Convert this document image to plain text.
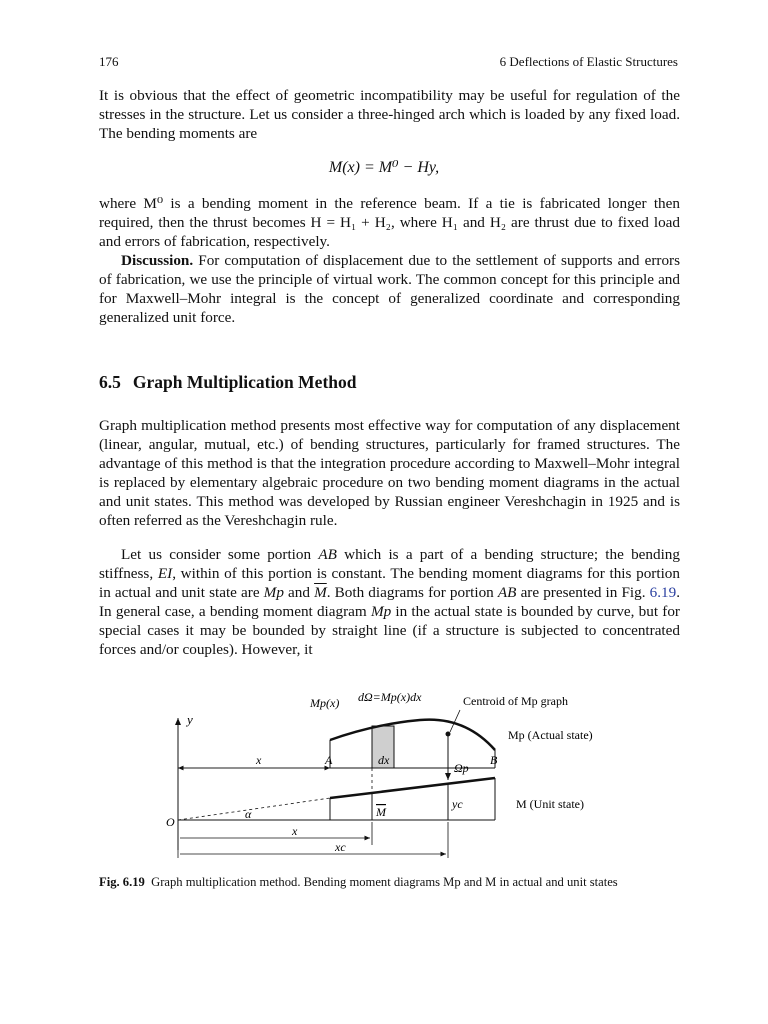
176	6 Deflections of Elastic Structures

It is obvious that the effect of geometric incompatibility may be useful for regulation of the stresses in the structure. Let us consider a three-hinged arch which is loaded by any fixed load. The bending moments are

M(x) = M⁰ − Hy,

where M⁰ is a bending moment in the reference beam. If a tie is fabricated longer then required, then the thrust becomes H = H₁ + H₂, where H₁ and H₂ are thrust due to fixed load and errors of fabrication, respectively.

Discussion. For computation of displacement due to the settlement of supports and errors of fabrication, we use the principle of virtual work. The common concept for this principle and for Maxwell–Mohr integral is the concept of generalized coordinate and corresponding generalized unit force.

6.5 Graph Multiplication Method

Graph multiplication method presents most effective way for computation of any displacement (linear, angular, mutual, etc.) of bending structures, particularly for framed structures. The advantage of this method is that the integration procedure according to Maxwell–Mohr integral is replaced by elementary algebraic procedure on two bending moment diagrams in the actual and unit states. This method was developed by Russian engineer Vereshchagin in 1925 and is often referred as the Vereshchagin rule.

Let us consider some portion AB which is a part of a bending structure; the bending stiffness, EI, within of this portion is constant. The bending moment diagrams for this portion in actual and unit state are Mp and $\overline{M}$. Both diagrams for portion AB are presented in Fig. 6.19. In general case, a bending moment diagram Mp in the actual state is bounded by curve, but for special cases it may be bounded by straight line (if a structure is subjected to concentrated forces and/or couples). However, it

y
Mp(x) dΩ=Mp(x)dx	Centroid of Mp graph
Mp (Actual state)
x	A	dx	B
Ωp
O
α	M
yc	M (Unit state)
x
xc
Fig. 6.19 Graph multiplication method. Bending moment diagrams Mp and M in actual and unit states
